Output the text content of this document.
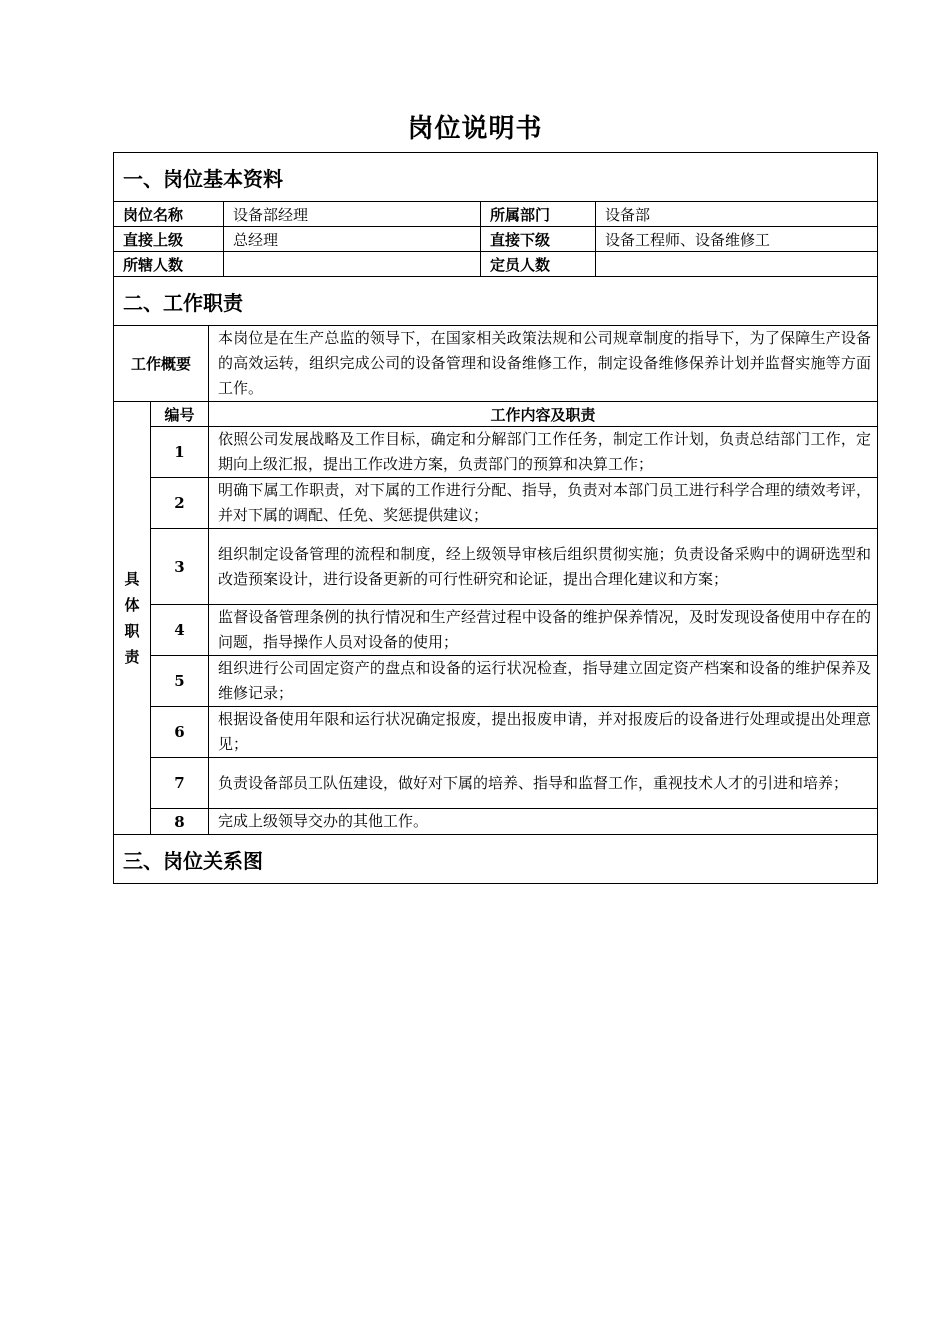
岗位说明书
一、岗位基本资料					
岗位名称			设备部经理	所属部门	设备部
直接上级			总经理	直接下级	设备工程师、设备维修工
所辖人数				定员人数	
二、工作职责					
工作概要		本岗位是在生产总监的领导下，在国家相关政策法规和公司规章制度的指导下，为了保障生产设备的高效运转，组织完成公司的设备管理和设备维修工作，制定设备维修保养计划并监督实施等方面工作。			
具体职责	编号	工作内容及职责			
	1	依照公司发展战略及工作目标，确定和分解部门工作任务，制定工作计划，负责总结部门工作，定期向上级汇报，提出工作改进方案，负责部门的预算和决算工作；			
	2	明确下属工作职责，对下属的工作进行分配、指导，负责对本部门员工进行科学合理的绩效考评，并对下属的调配、任免、奖惩提供建议；			
	3	组织制定设备管理的流程和制度，经上级领导审核后组织贯彻实施；负责设备采购中的调研选型和改造预案设计，进行设备更新的可行性研究和论证，提出合理化建议和方案；			
	4	监督设备管理条例的执行情况和生产经营过程中设备的维护保养情况，及时发现设备使用中存在的问题，指导操作人员对设备的使用；			
	5	组织进行公司固定资产的盘点和设备的运行状况检查，指导建立固定资产档案和设备的维护保养及维修记录；			
	6	根据设备使用年限和运行状况确定报废，提出报废申请，并对报废后的设备进行处理或提出处理意见；			
	7	负责设备部员工队伍建设，做好对下属的培养、指导和监督工作，重视技术人才的引进和培养；			
	8	完成上级领导交办的其他工作。			
三、岗位关系图					
